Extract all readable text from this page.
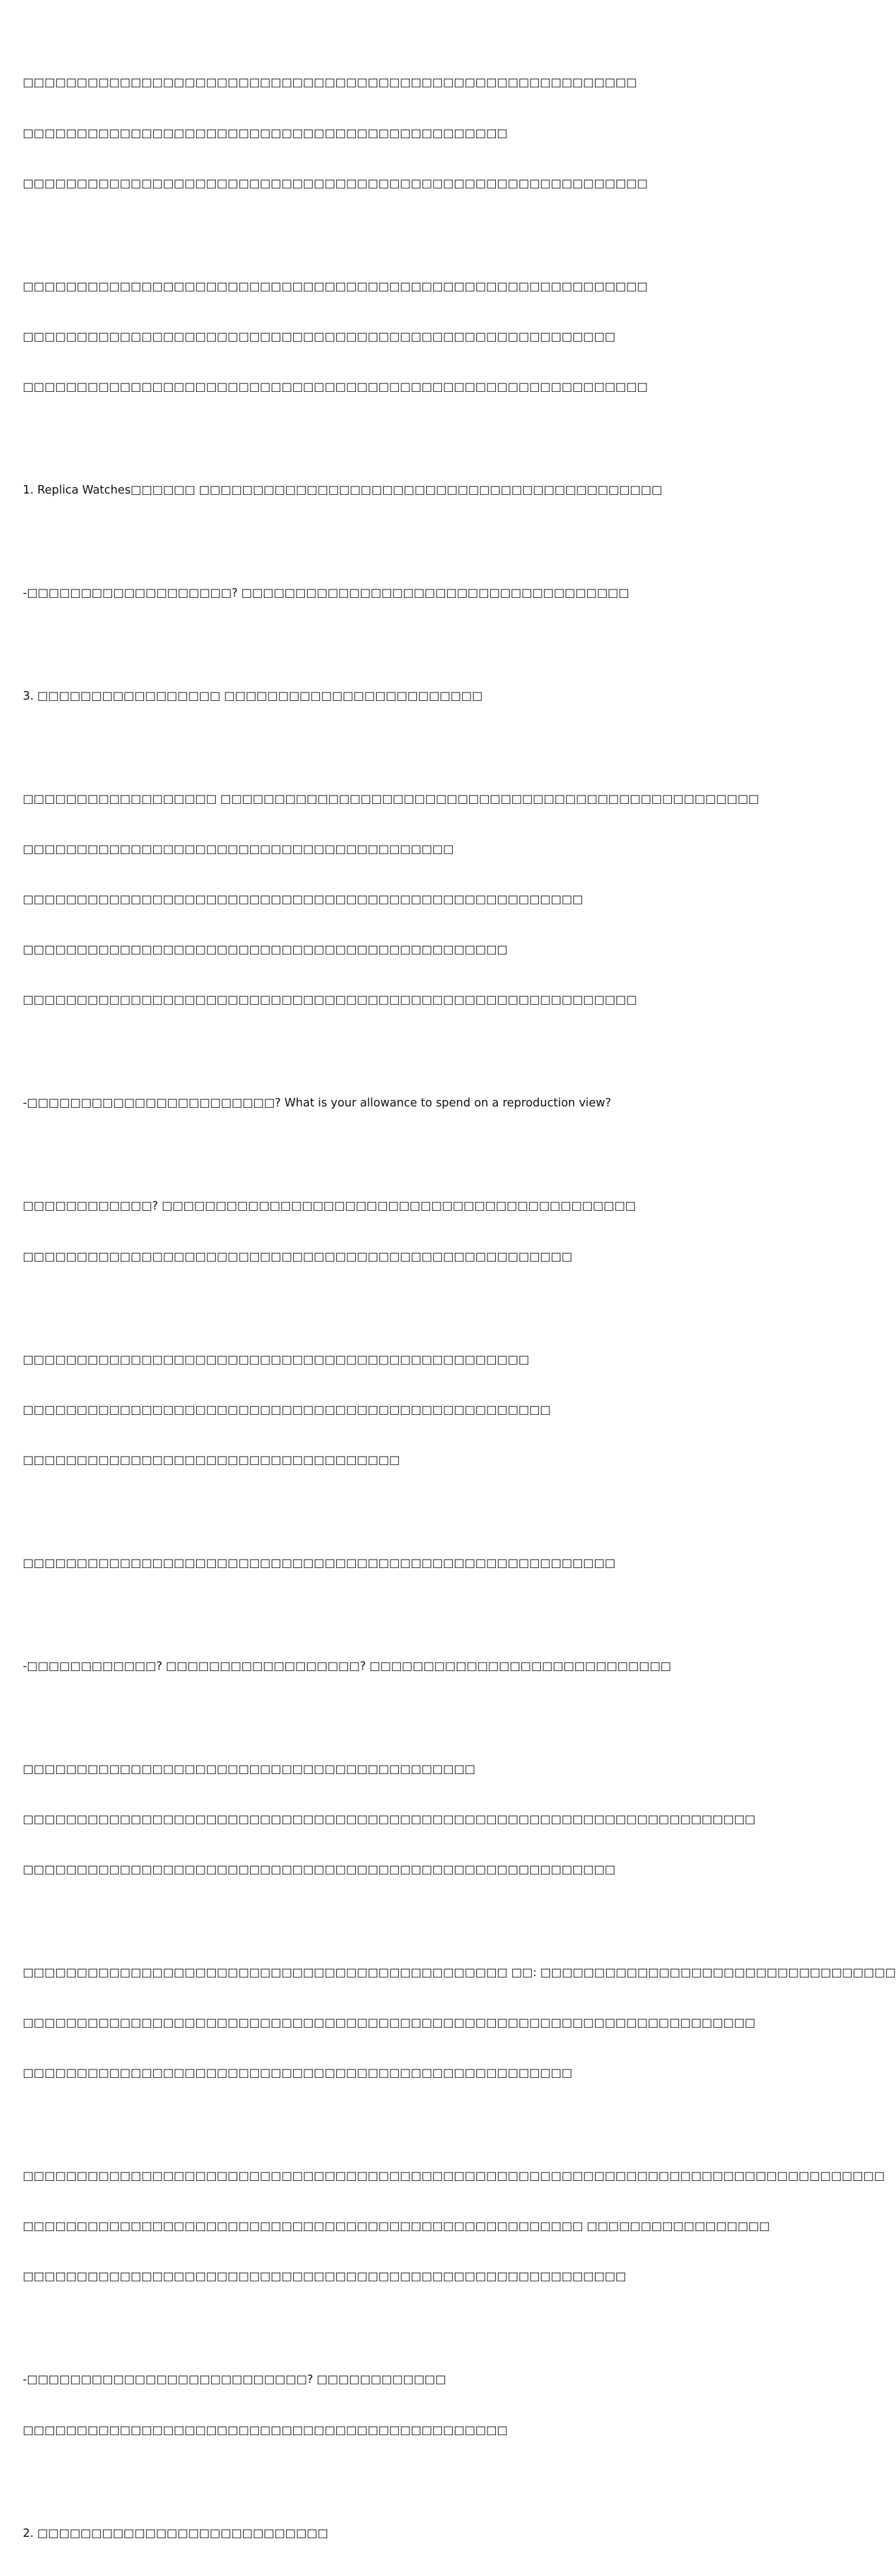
□□□□□□□□□□□□□□□□□□□□□□□□□□□□□□□□□□□□□□□□□□□□□□□□□□□□□□□□□

□□□□□□□□□□□□□□□□□□□□□□□□□□□□□□□□□□□□□□□□□□□□□

□□□□□□□□□□□□□□□□□□□□□□□□□□□□□□□□□□□□□□□□□□□□□□□□□□□□□□□□□□

□□□□□□□□□□□□□□□□□□□□□□□□□□□□□□□□□□□□□□□□□□□□□□□□□□□□□□□□□□

□□□□□□□□□□□□□□□□□□□□□□□□□□□□□□□□□□□□□□□□□□□□□□□□□□□□□□□

□□□□□□□□□□□□□□□□□□□□□□□□□□□□□□□□□□□□□□□□□□□□□□□□□□□□□□□□□□

1. Replica Watches□□□□□□ □□□□□□□□□□□□□□□□□□□□□□□□□□□□□□□□□□□□□□□□□□□

-□□□□□□□□□□□□□□□□□□□? □□□□□□□□□□□□□□□□□□□□□□□□□□□□□□□□□□□□

3. □□□□□□□□□□□□□□□□□ □□□□□□□□□□□□□□□□□□□□□□□□

□□□□□□□□□□□□□□□□□□ □□□□□□□□□□□□□□□□□□□□□□□□□□□□□□□□□□□□□□□□□□□□□□□□□□

□□□□□□□□□□□□□□□□□□□□□□□□□□□□□□□□□□□□□□□□

□□□□□□□□□□□□□□□□□□□□□□□□□□□□□□□□□□□□□□□□□□□□□□□□□□□□

□□□□□□□□□□□□□□□□□□□□□□□□□□□□□□□□□□□□□□□□□□□□□

□□□□□□□□□□□□□□□□□□□□□□□□□□□□□□□□□□□□□□□□□□□□□□□□□□□□□□□□□

-□□□□□□□□□□□□□□□□□□□□□□□? What is your allowance to spend on a reproduction view?

□□□□□□□□□□□□? □□□□□□□□□□□□□□□□□□□□□□□□□□□□□□□□□□□□□□□□□□□□

□□□□□□□□□□□□□□□□□□□□□□□□□□□□□□□□□□□□□□□□□□□□□□□□□□□

□□□□□□□□□□□□□□□□□□□□□□□□□□□□□□□□□□□□□□□□□□□□□□□

□□□□□□□□□□□□□□□□□□□□□□□□□□□□□□□□□□□□□□□□□□□□□□□□□

□□□□□□□□□□□□□□□□□□□□□□□□□□□□□□□□□□□

□□□□□□□□□□□□□□□□□□□□□□□□□□□□□□□□□□□□□□□□□□□□□□□□□□□□□□□

-□□□□□□□□□□□□? □□□□□□□□□□□□□□□□□□? □□□□□□□□□□□□□□□□□□□□□□□□□□□□

□□□□□□□□□□□□□□□□□□□□□□□□□□□□□□□□□□□□□□□□□□

□□□□□□□□□□□□□□□□□□□□□□□□□□□□□□□□□□□□□□□□□□□□□□□□□□□□□□□□□□□□□□□□□□□□

□□□□□□□□□□□□□□□□□□□□□□□□□□□□□□□□□□□□□□□□□□□□□□□□□□□□□□□

□□□□□□□□□□□□□□□□□□□□□□□□□□□□□□□□□□□□□□□□□□□□□ □□: □□□□□□□□□□□□□□□□□□□□□□□□□□□□□□□□□

□□□□□□□□□□□□□□□□□□□□□□□□□□□□□□□□□□□□□□□□□□□□□□□□□□□□□□□□□□□□□□□□□□□□

□□□□□□□□□□□□□□□□□□□□□□□□□□□□□□□□□□□□□□□□□□□□□□□□□□□

□□□□□□□□□□□□□□□□□□□□□□□□□□□□□□□□□□□□□□□□□□□□□□□□□□□□□□□□□□□□□□□□□□□□□□□□□□□□□□□□

□□□□□□□□□□□□□□□□□□□□□□□□□□□□□□□□□□□□□□□□□□□□□□□□□□□□ □□□□□□□□□□□□□□□□□

□□□□□□□□□□□□□□□□□□□□□□□□□□□□□□□□□□□□□□□□□□□□□□□□□□□□□□□□

-□□□□□□□□□□□□□□□□□□□□□□□□□□? □□□□□□□□□□□□

□□□□□□□□□□□□□□□□□□□□□□□□□□□□□□□□□□□□□□□□□□□□□

2. □□□□□□□□□□□□□□□□□□□□□□□□□□□
